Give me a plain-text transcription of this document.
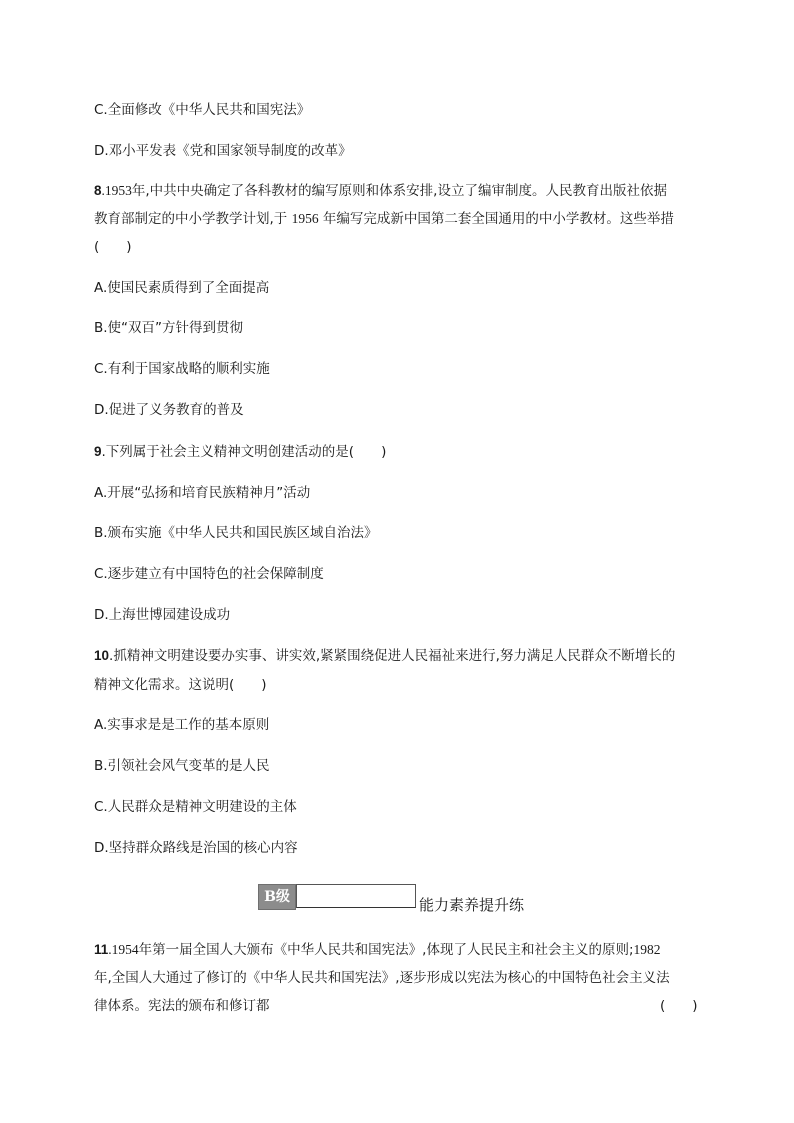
C.全面修改《中华人民共和国宪法》
D.邓小平发表《党和国家领导制度的改革》
8.1953年,中共中央确定了各科教材的编写原则和体系安排,设立了编审制度。人民教育出版社依据
教育部制定的中小学教学计划,于 1956 年编写完成新中国第二套全国通用的中小学教材。这些举措
(　　)
A.使国民素质得到了全面提高
B.使“双百”方针得到贯彻
C.有利于国家战略的顺利实施
D.促进了义务教育的普及
9.下列属于社会主义精神文明创建活动的是(　　)
A.开展“弘扬和培育民族精神月”活动
B.颁布实施《中华人民共和国民族区域自治法》
C.逐步建立有中国特色的社会保障制度
D.上海世博园建设成功
10.抓精神文明建设要办实事、讲实效,紧紧围绕促进人民福祉来进行,努力满足人民群众不断增长的
精神文化需求。这说明(　　)
A.实事求是是工作的基本原则
B.引领社会风气变革的是人民
C.人民群众是精神文明建设的主体
D.坚持群众路线是治国的核心内容
B级	能力素养提升练
11.1954年第一届全国人大颁布《中华人民共和国宪法》,体现了人民民主和社会主义的原则;1982
年,全国人大通过了修订的《中华人民共和国宪法》,逐步形成以宪法为核心的中国特色社会主义法
律体系。宪法的颁布和修订都	(　　)
